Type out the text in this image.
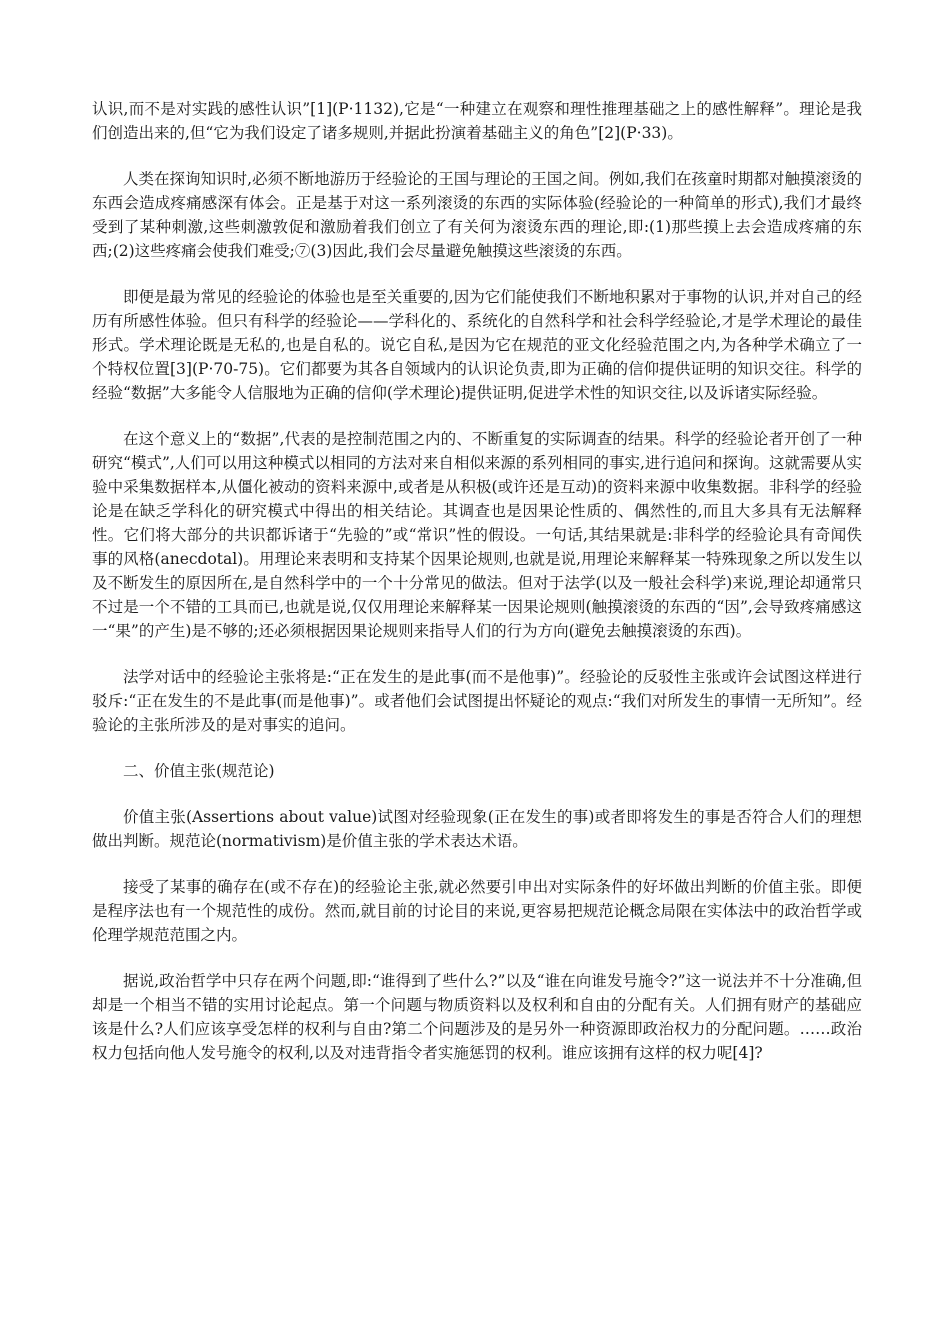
认识,而不是对实践的感性认识”[1](P·1132),它是“一种建立在观察和理性推理基础之上的感性解释”。理论是我们创造出来的,但“它为我们设定了诸多规则,并据此扮演着基础主义的角色”[2](P·33)。

人类在探询知识时,必须不断地游历于经验论的王国与理论的王国之间。例如,我们在孩童时期都对触摸滚烫的东西会造成疼痛感深有体会。正是基于对这一系列滚烫的东西的实际体验(经验论的一种简单的形式),我们才最终受到了某种刺激,这些刺激敦促和激励着我们创立了有关何为滚烫东西的理论,即:(1)那些摸上去会造成疼痛的东西;(2)这些疼痛会使我们难受;⑦(3)因此,我们会尽量避免触摸这些滚烫的东西。

即便是最为常见的经验论的体验也是至关重要的,因为它们能使我们不断地积累对于事物的认识,并对自己的经历有所感性体验。但只有科学的经验论——学科化的、系统化的自然科学和社会科学经验论,才是学术理论的最佳形式。学术理论既是无私的,也是自私的。说它自私,是因为它在规范的亚文化经验范围之内,为各种学术确立了一个特权位置[3](P·70-75)。它们都要为其各自领域内的认识论负责,即为正确的信仰提供证明的知识交往。科学的经验“数据”大多能令人信服地为正确的信仰(学术理论)提供证明,促进学术性的知识交往,以及诉诸实际经验。

在这个意义上的“数据”,代表的是控制范围之内的、不断重复的实际调查的结果。科学的经验论者开创了一种研究“模式”,人们可以用这种模式以相同的方法对来自相似来源的系列相同的事实,进行追问和探询。这就需要从实验中采集数据样本,从僵化被动的资料来源中,或者是从积极(或许还是互动)的资料来源中收集数据。非科学的经验论是在缺乏学科化的研究模式中得出的相关结论。其调查也是因果论性质的、偶然性的,而且大多具有无法解释性。它们将大部分的共识都诉诸于“先验的”或“常识”性的假设。一句话,其结果就是:非科学的经验论具有奇闻佚事的风格(anecdotal)。用理论来表明和支持某个因果论规则,也就是说,用理论来解释某一特殊现象之所以发生以及不断发生的原因所在,是自然科学中的一个十分常见的做法。但对于法学(以及一般社会科学)来说,理论却通常只不过是一个不错的工具而已,也就是说,仅仅用理论来解释某一因果论规则(触摸滚烫的东西的“因”,会导致疼痛感这一“果”的产生)是不够的;还必须根据因果论规则来指导人们的行为方向(避免去触摸滚烫的东西)。

法学对话中的经验论主张将是:“正在发生的是此事(而不是他事)”。经验论的反驳性主张或许会试图这样进行驳斥:“正在发生的不是此事(而是他事)”。或者他们会试图提出怀疑论的观点:“我们对所发生的事情一无所知”。经验论的主张所涉及的是对事实的追问。

二、价值主张(规范论)

价值主张(Assertions about value)试图对经验现象(正在发生的事)或者即将发生的事是否符合人们的理想做出判断。规范论(normativism)是价值主张的学术表达术语。

接受了某事的确存在(或不存在)的经验论主张,就必然要引申出对实际条件的好坏做出判断的价值主张。即便是程序法也有一个规范性的成份。然而,就目前的讨论目的来说,更容易把规范论概念局限在实体法中的政治哲学或伦理学规范范围之内。

据说,政治哲学中只存在两个问题,即:“谁得到了些什么?”以及“谁在向谁发号施令?”这一说法并不十分准确,但却是一个相当不错的实用讨论起点。第一个问题与物质资料以及权利和自由的分配有关。人们拥有财产的基础应该是什么?人们应该享受怎样的权利与自由?第二个问题涉及的是另外一种资源即政治权力的分配问题。……政治权力包括向他人发号施令的权利,以及对违背指令者实施惩罚的权利。谁应该拥有这样的权力呢[4]?
